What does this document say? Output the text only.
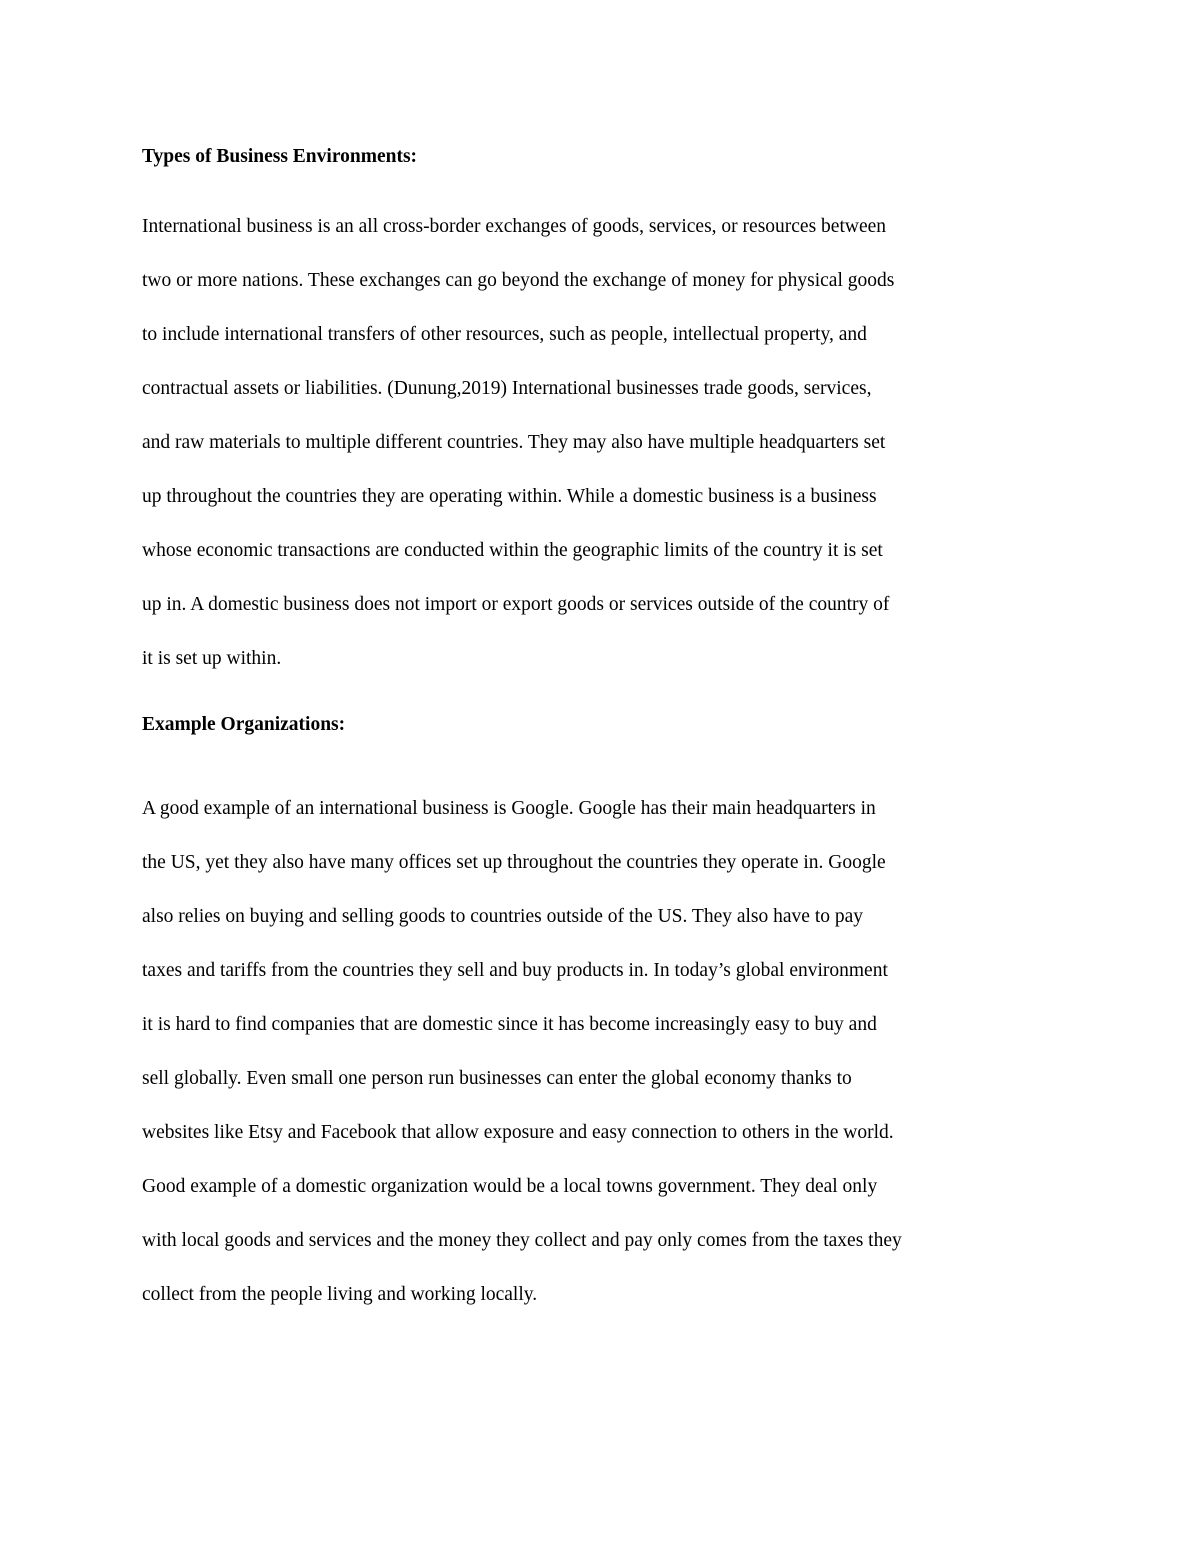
Types of Business Environments:
International business is an all cross-border exchanges of goods, services, or resources between
two or more nations. These exchanges can go beyond the exchange of money for physical goods
to include international transfers of other resources, such as people, intellectual property, and
contractual assets or liabilities. (Dunung,2019) International businesses trade goods, services,
and raw materials to multiple different countries. They may also have multiple headquarters set
up throughout the countries they are operating within. While a domestic business is a business
whose economic transactions are conducted within the geographic limits of the country it is set
up in. A domestic business does not import or export goods or services outside of the country of
it is set up within.
Example Organizations:
A good example of an international business is Google. Google has their main headquarters in
the US, yet they also have many offices set up throughout the countries they operate in. Google
also relies on buying and selling goods to countries outside of the US. They also have to pay
taxes and tariffs from the countries they sell and buy products in. In today’s global environment
it is hard to find companies that are domestic since it has become increasingly easy to buy and
sell globally. Even small one person run businesses can enter the global economy thanks to
websites like Etsy and Facebook that allow exposure and easy connection to others in the world.
Good example of a domestic organization would be a local towns government. They deal only
with local goods and services and the money they collect and pay only comes from the taxes they
collect from the people living and working locally.
